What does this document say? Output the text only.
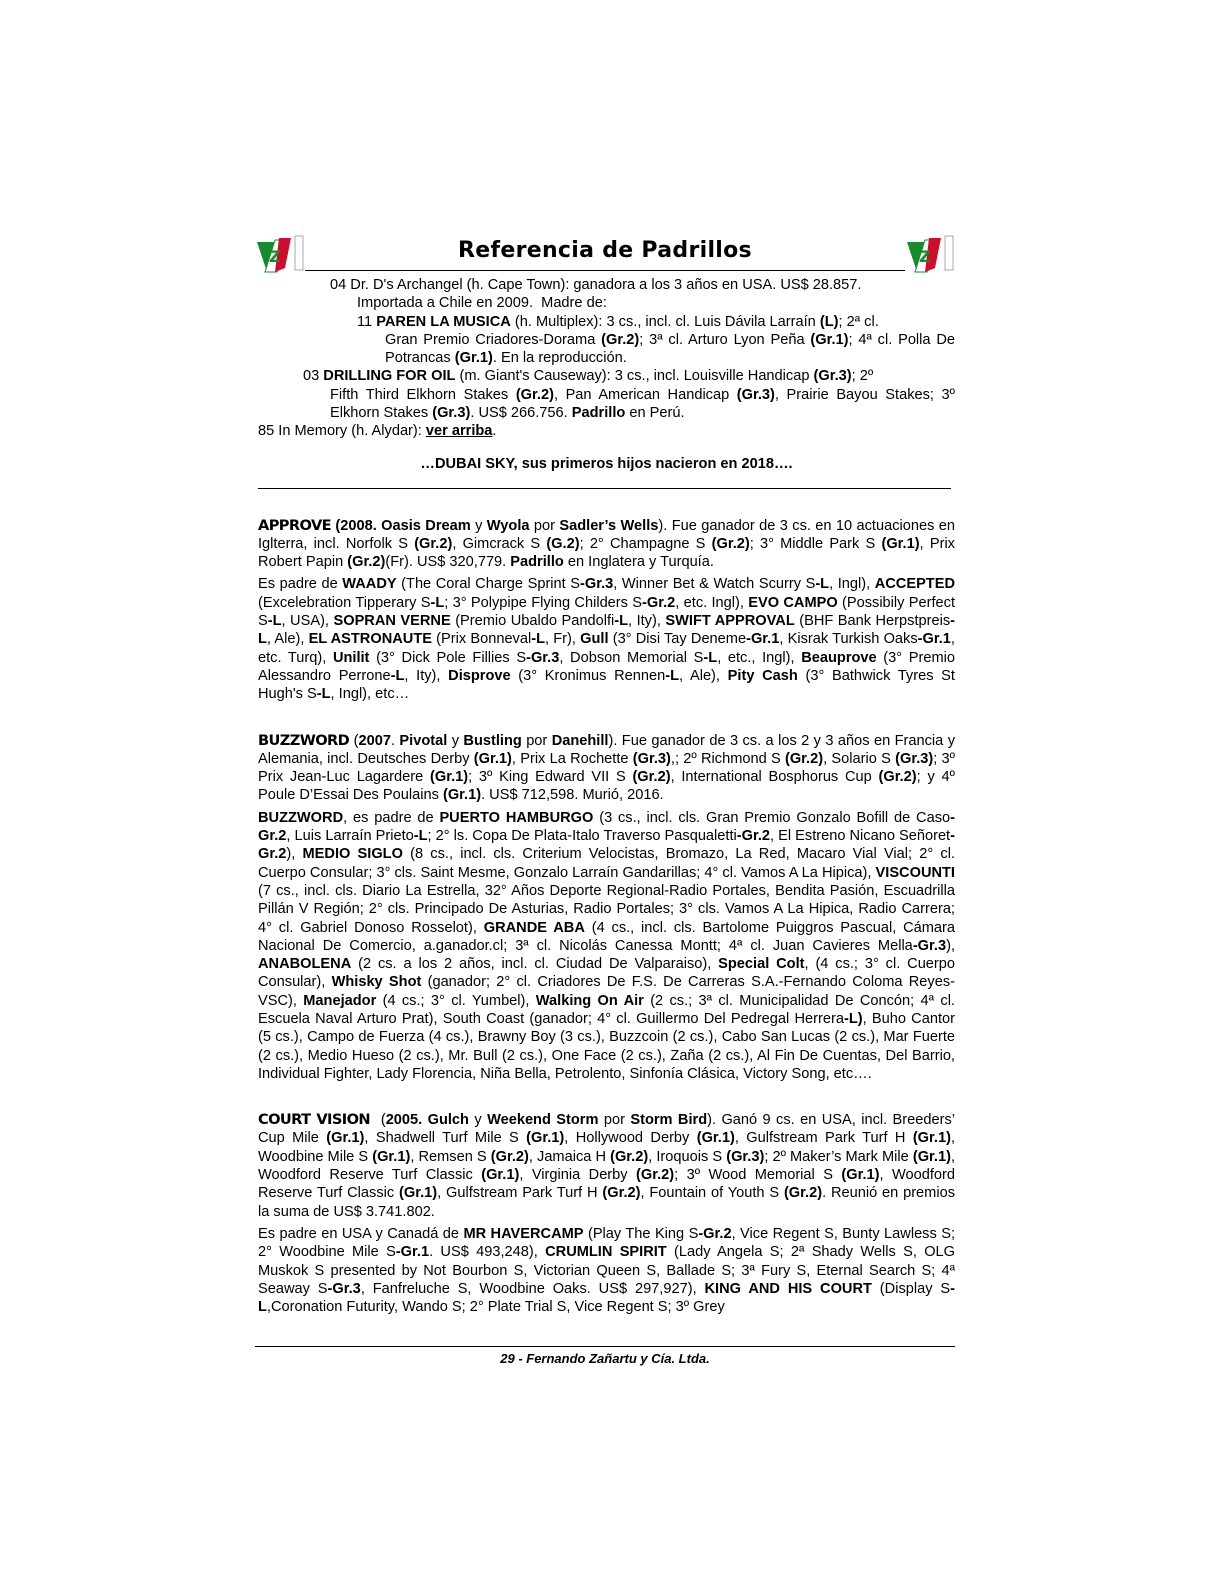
Z	Referencia de Padrillos	Z

04 Dr. D's Archangel (h. Cape Town): ganadora a los 3 años en USA. US$ 28.857.
Importada a Chile en 2009.  Madre de:

11 PAREN LA MUSICA (h. Multiplex): 3 cs., incl. cl. Luis Dávila Larraín (L); 2ª cl.
Gran Premio Criadores-Dorama (Gr.2); 3ª cl. Arturo Lyon Peña (Gr.1); 4ª cl. Polla De Potrancas (Gr.1). En la reproducción.

03 DRILLING FOR OIL (m. Giant's Causeway): 3 cs., incl. Louisville Handicap (Gr.3); 2º
Fifth Third Elkhorn Stakes (Gr.2), Pan American Handicap (Gr.3), Prairie Bayou Stakes; 3º Elkhorn Stakes (Gr.3). US$ 266.756. Padrillo en Perú.

85 In Memory (h. Alydar): ver arriba.

…DUBAI SKY, sus primeros hijos nacieron en 2018….

APPROVE (2008. Oasis Dream y Wyola por Sadler’s Wells). Fue ganador de 3 cs. en 10 actuaciones en Iglterra, incl. Norfolk S (Gr.2), Gimcrack S (G.2); 2° Champagne S (Gr.2); 3° Middle Park S (Gr.1), Prix Robert Papin (Gr.2)(Fr). US$ 320,779. Padrillo en Inglatera y Turquía.

Es padre de WAADY (The Coral Charge Sprint S-Gr.3, Winner Bet & Watch Scurry S-L, Ingl), ACCEPTED (Excelebration Tipperary S-L; 3° Polypipe Flying Childers S-Gr.2, etc. Ingl), EVO CAMPO (Possibily Perfect S-L, USA), SOPRAN VERNE (Premio Ubaldo Pandolfi-L, Ity), SWIFT APPROVAL (BHF Bank Herpstpreis-L, Ale), EL ASTRONAUTE (Prix Bonneval-L, Fr), Gull (3° Disi Tay Deneme-Gr.1, Kisrak Turkish Oaks-Gr.1, etc. Turq), Unilit (3° Dick Pole Fillies S-Gr.3, Dobson Memorial S-L, etc., Ingl), Beauprove (3° Premio Alessandro Perrone-L, Ity), Disprove (3° Kronimus Rennen-L, Ale), Pity Cash (3° Bathwick Tyres St Hugh's S-L, Ingl), etc…

BUZZWORD (2007. Pivotal y Bustling por Danehill). Fue ganador de 3 cs. a los 2 y 3 años en Francia y Alemania, incl. Deutsches Derby (Gr.1), Prix La Rochette (Gr.3),; 2º Richmond S (Gr.2), Solario S (Gr.3); 3º Prix Jean-Luc Lagardere (Gr.1); 3º King Edward VII S (Gr.2), International Bosphorus Cup (Gr.2); y 4º Poule D’Essai Des Poulains (Gr.1). US$ 712,598. Murió, 2016.

BUZZWORD, es padre de PUERTO HAMBURGO (3 cs., incl. cls. Gran Premio Gonzalo Bofill de Caso-Gr.2, Luis Larraín Prieto-L; 2° ls. Copa De Plata-Italo Traverso Pasqualetti-Gr.2, El Estreno Nicano Señoret-Gr.2), MEDIO SIGLO (8 cs., incl. cls. Criterium Velocistas, Bromazo, La Red, Macaro Vial Vial; 2° cl. Cuerpo Consular; 3° cls. Saint Mesme, Gonzalo Larraín Gandarillas; 4° cl. Vamos A La Hipica), VISCOUNTI (7 cs., incl. cls. Diario La Estrella, 32° Años Deporte Regional-Radio Portales, Bendita Pasión, Escuadrilla Pillán V Región; 2° cls. Principado De Asturias, Radio Portales; 3° cls. Vamos A La Hipica, Radio Carrera; 4° cl. Gabriel Donoso Rosselot), GRANDE ABA (4 cs., incl. cls. Bartolome Puiggros Pascual, Cámara Nacional De Comercio, a.ganador.cl; 3ª cl. Nicolás Canessa Montt; 4ª cl. Juan Cavieres Mella-Gr.3), ANABOLENA (2 cs. a los 2 años, incl. cl. Ciudad De Valparaiso), Special Colt, (4 cs.; 3° cl. Cuerpo Consular), Whisky Shot (ganador; 2° cl. Criadores De F.S. De Carreras S.A.-Fernando Coloma Reyes-VSC), Manejador (4 cs.; 3° cl. Yumbel), Walking On Air (2 cs.; 3ª cl. Municipalidad De Concón; 4ª cl. Escuela Naval Arturo Prat), South Coast (ganador; 4° cl. Guillermo Del Pedregal Herrera-L), Buho Cantor (5 cs.), Campo de Fuerza (4 cs.), Brawny Boy (3 cs.), Buzzcoin (2 cs.), Cabo San Lucas (2 cs.), Mar Fuerte (2 cs.), Medio Hueso (2 cs.), Mr. Bull (2 cs.), One Face (2 cs.), Zaña (2 cs.), Al Fin De Cuentas, Del Barrio, Individual Fighter, Lady Florencia, Niña Bella, Petrolento, Sinfonía Clásica, Victory Song, etc….

COURT VISION  (2005. Gulch y Weekend Storm por Storm Bird). Ganó 9 cs. en USA, incl. Breeders’ Cup Mile (Gr.1), Shadwell Turf Mile S (Gr.1), Hollywood Derby (Gr.1), Gulfstream Park Turf H (Gr.1), Woodbine Mile S (Gr.1), Remsen S (Gr.2), Jamaica H (Gr.2), Iroquois S (Gr.3); 2º Maker’s Mark Mile (Gr.1), Woodford Reserve Turf Classic (Gr.1), Virginia Derby (Gr.2); 3º Wood Memorial S (Gr.1), Woodford Reserve Turf Classic (Gr.1), Gulfstream Park Turf H (Gr.2), Fountain of Youth S (Gr.2). Reunió en premios la suma de US$ 3.741.802.

Es padre en USA y Canadá de MR HAVERCAMP (Play The King S-Gr.2, Vice Regent S, Bunty Lawless S; 2° Woodbine Mile S-Gr.1. US$ 493,248), CRUMLIN SPIRIT (Lady Angela S; 2ª Shady Wells S, OLG Muskok S presented by Not Bourbon S, Victorian Queen S, Ballade S; 3ª Fury S, Eternal Search S; 4ª Seaway S-Gr.3, Fanfreluche S, Woodbine Oaks. US$ 297,927), KING AND HIS COURT (Display S-L,Coronation Futurity, Wando S; 2° Plate Trial S, Vice Regent S; 3º Grey

29 - Fernando Zañartu y Cía. Ltda.
